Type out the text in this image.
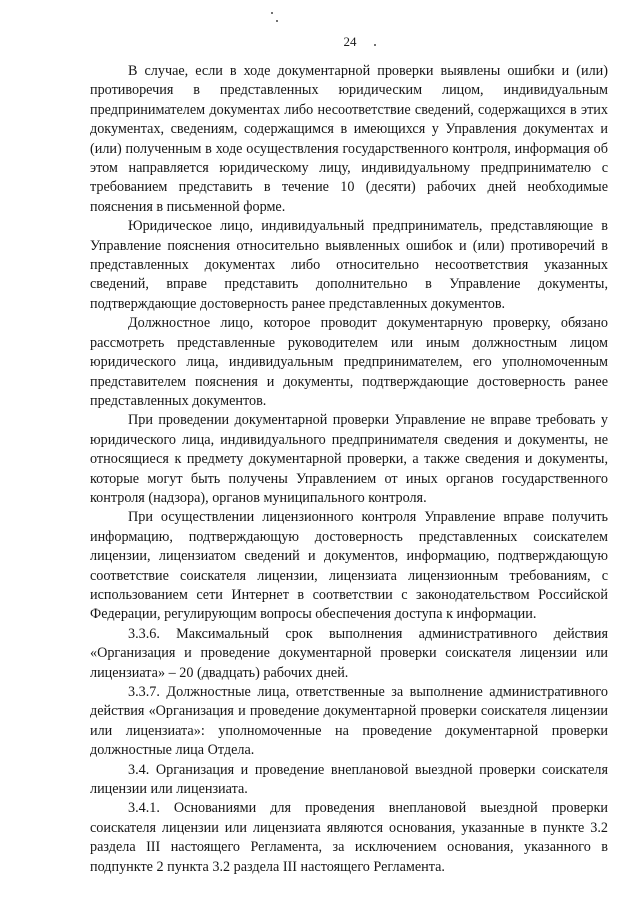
24

В случае, если в ходе документарной проверки выявлены ошибки и (или) противоречия в представленных юридическим лицом, индивидуальным предпринимателем документах либо несоответствие сведений, содержащихся в этих документах, сведениям, содержащимся в имеющихся у Управления документах и (или) полученным в ходе осуществления государственного контроля, информация об этом направляется юридическому лицу, индивидуальному предпринимателю с требованием представить в течение 10 (десяти) рабочих дней необходимые пояснения в письменной форме.

Юридическое лицо, индивидуальный предприниматель, представляющие в Управление пояснения относительно выявленных ошибок и (или) противоречий в представленных документах либо относительно несоответствия указанных сведений, вправе представить дополнительно в Управление документы, подтверждающие достоверность ранее представленных документов.

Должностное лицо, которое проводит документарную проверку, обязано рассмотреть представленные руководителем или иным должностным лицом юридического лица, индивидуальным предпринимателем, его уполномоченным представителем пояснения и документы, подтверждающие достоверность ранее представленных документов.

При проведении документарной проверки Управление не вправе требовать у юридического лица, индивидуального предпринимателя сведения и документы, не относящиеся к предмету документарной проверки, а также сведения и документы, которые могут быть получены Управлением от иных органов государственного контроля (надзора), органов муниципального контроля.

При осуществлении лицензионного контроля Управление вправе получить информацию, подтверждающую достоверность представленных соискателем лицензии, лицензиатом сведений и документов, информацию, подтверждающую соответствие соискателя лицензии, лицензиата лицензионным требованиям, с использованием сети Интернет в соответствии с законодательством Российской Федерации, регулирующим вопросы обеспечения доступа к информации.

3.3.6. Максимальный срок выполнения административного действия «Организация и проведение документарной проверки соискателя лицензии или лицензиата» – 20 (двадцать) рабочих дней.

3.3.7. Должностные лица, ответственные за выполнение административного действия «Организация и проведение документарной проверки соискателя лицензии или лицензиата»: уполномоченные на проведение документарной проверки должностные лица Отдела.

3.4. Организация и проведение внеплановой выездной проверки соискателя лицензии или лицензиата.

3.4.1. Основаниями для проведения внеплановой выездной проверки соискателя лицензии или лицензиата являются основания, указанные в пункте 3.2 раздела III настоящего Регламента, за исключением основания, указанного в подпункте 2 пункта 3.2 раздела III настоящего Регламента.
